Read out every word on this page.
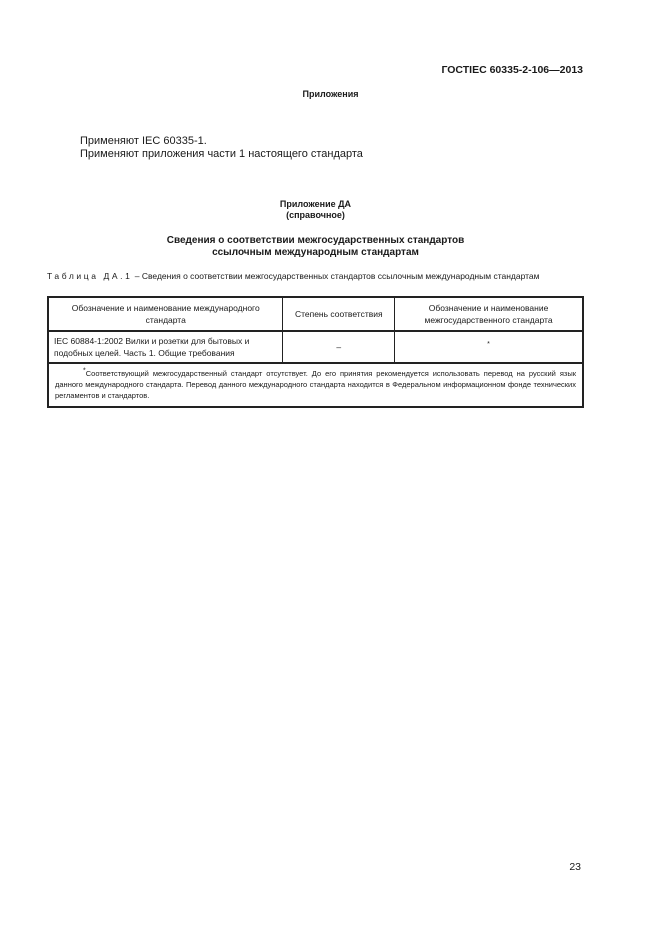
ГОСТIEC 60335-2-106—2013
Приложения
Применяют IEC 60335-1.
Применяют приложения части 1 настоящего стандарта
Приложение ДА
(справочное)
Сведения о соответствии межгосударственных стандартов
ссылочным международным стандартам
Таблица ДА.1 – Сведения о соответствии межгосударственных стандартов ссылочным международным стандартам
Обозначение и наименование международного стандарта	Степень соответствия	Обозначение и наименование межгосударственного стандарта
IEC 60884-1:2002 Вилки и розетки для бытовых и подобных целей. Часть 1. Общие требования	–	*

*Соответствующий межгосударственный стандарт отсутствует. До его принятия рекомендуется использовать перевод на русский язык данного международного стандарта. Перевод данного международного стандарта находится в Федеральном информационном фонде технических регламентов и стандартов.		
23
